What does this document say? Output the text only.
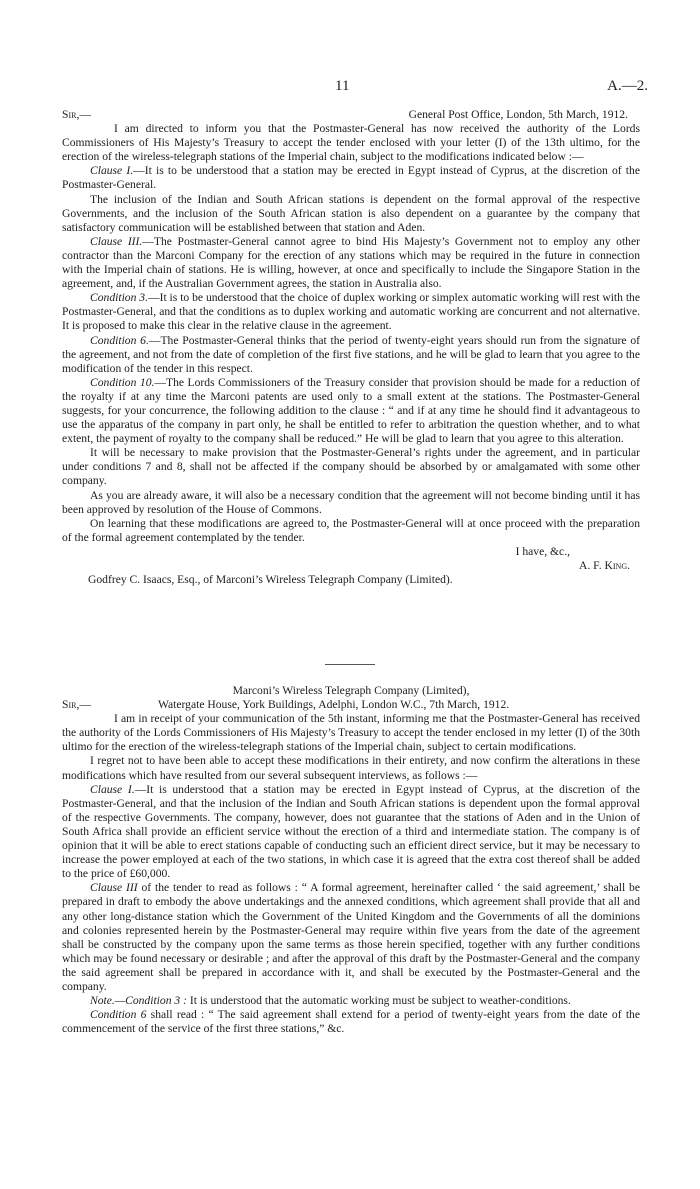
11	A.—2.
Sir,—	General Post Office, London, 5th March, 1912.

I am directed to inform you that the Postmaster-General has now received the authority of the Lords Commissioners of His Majesty’s Treasury to accept the tender enclosed with your letter (I) of the 13th ultimo, for the erection of the wireless-telegraph stations of the Imperial chain, subject to the modifications indicated below :—

Clause I.—It is to be understood that a station may be erected in Egypt instead of Cyprus, at the discretion of the Postmaster-General.

The inclusion of the Indian and South African stations is dependent on the formal approval of the respective Governments, and the inclusion of the South African station is also dependent on a guarantee by the company that satisfactory communication will be established between that station and Aden.

Clause III.—The Postmaster-General cannot agree to bind His Majesty’s Government not to employ any other contractor than the Marconi Company for the erection of any stations which may be required in the future in connection with the Imperial chain of stations. He is willing, however, at once and specifically to include the Singapore Station in the agreement, and, if the Australian Government agrees, the station in Australia also.

Condition 3.—It is to be understood that the choice of duplex working or simplex automatic working will rest with the Postmaster-General, and that the conditions as to duplex working and automatic working are concurrent and not alternative. It is proposed to make this clear in the relative clause in the agreement.

Condition 6.—The Postmaster-General thinks that the period of twenty-eight years should run from the signature of the agreement, and not from the date of completion of the first five stations, and he will be glad to learn that you agree to the modification of the tender in this respect.

Condition 10.—The Lords Commissioners of the Treasury consider that provision should be made for a reduction of the royalty if at any time the Marconi patents are used only to a small extent at the stations. The Postmaster-General suggests, for your concurrence, the following addition to the clause : “ and if at any time he should find it advantageous to use the apparatus of the company in part only, he shall be entitled to refer to arbitration the question whether, and to what extent, the payment of royalty to the company shall be reduced.” He will be glad to learn that you agree to this alteration.

It will be necessary to make provision that the Postmaster-General’s rights under the agreement, and in particular under conditions 7 and 8, shall not be affected if the company should be absorbed by or amalgamated with some other company.

As you are already aware, it will also be a necessary condition that the agreement will not become binding until it has been approved by resolution of the House of Commons.

On learning that these modifications are agreed to, the Postmaster-General will at once proceed with the preparation of the formal agreement contemplated by the tender.

I have, &c.,
A. F. King.
Godfrey C. Isaacs, Esq., of Marconi’s Wireless Telegraph Company (Limited).
Marconi’s Wireless Telegraph Company (Limited),
Sir,—	Watergate House, York Buildings, Adelphi, London W.C., 7th March, 1912.

I am in receipt of your communication of the 5th instant, informing me that the Postmaster-General has received the authority of the Lords Commissioners of His Majesty’s Treasury to accept the tender enclosed in my letter (I) of the 30th ultimo for the erection of the wireless-telegraph stations of the Imperial chain, subject to certain modifications.

I regret not to have been able to accept these modifications in their entirety, and now confirm the alterations in these modifications which have resulted from our several subsequent interviews, as follows :—

Clause I.—It is understood that a station may be erected in Egypt instead of Cyprus, at the discretion of the Postmaster-General, and that the inclusion of the Indian and South African stations is dependent upon the formal approval of the respective Governments. The company, however, does not guarantee that the stations of Aden and in the Union of South Africa shall provide an efficient service without the erection of a third and intermediate station. The company is of opinion that it will be able to erect stations capable of conducting such an efficient direct service, but it may be necessary to increase the power employed at each of the two stations, in which case it is agreed that the extra cost thereof shall be added to the price of £60,000.

Clause III of the tender to read as follows : “ A formal agreement, hereinafter called ‘ the said agreement,’ shall be prepared in draft to embody the above undertakings and the annexed conditions, which agreement shall provide that all and any other long-distance station which the Government of the United Kingdom and the Governments of all the dominions and colonies represented herein by the Postmaster-General may require within five years from the date of the agreement shall be constructed by the company upon the same terms as those herein specified, together with any further conditions which may be found necessary or desirable ; and after the approval of this draft by the Postmaster-General and the company the said agreement shall be prepared in accordance with it, and shall be executed by the Postmaster-General and the company.

Note.—Condition 3 : It is understood that the automatic working must be subject to weather-conditions.

Condition 6 shall read : “ The said agreement shall extend for a period of twenty-eight years from the date of the commencement of the service of the first three stations,” &c.
